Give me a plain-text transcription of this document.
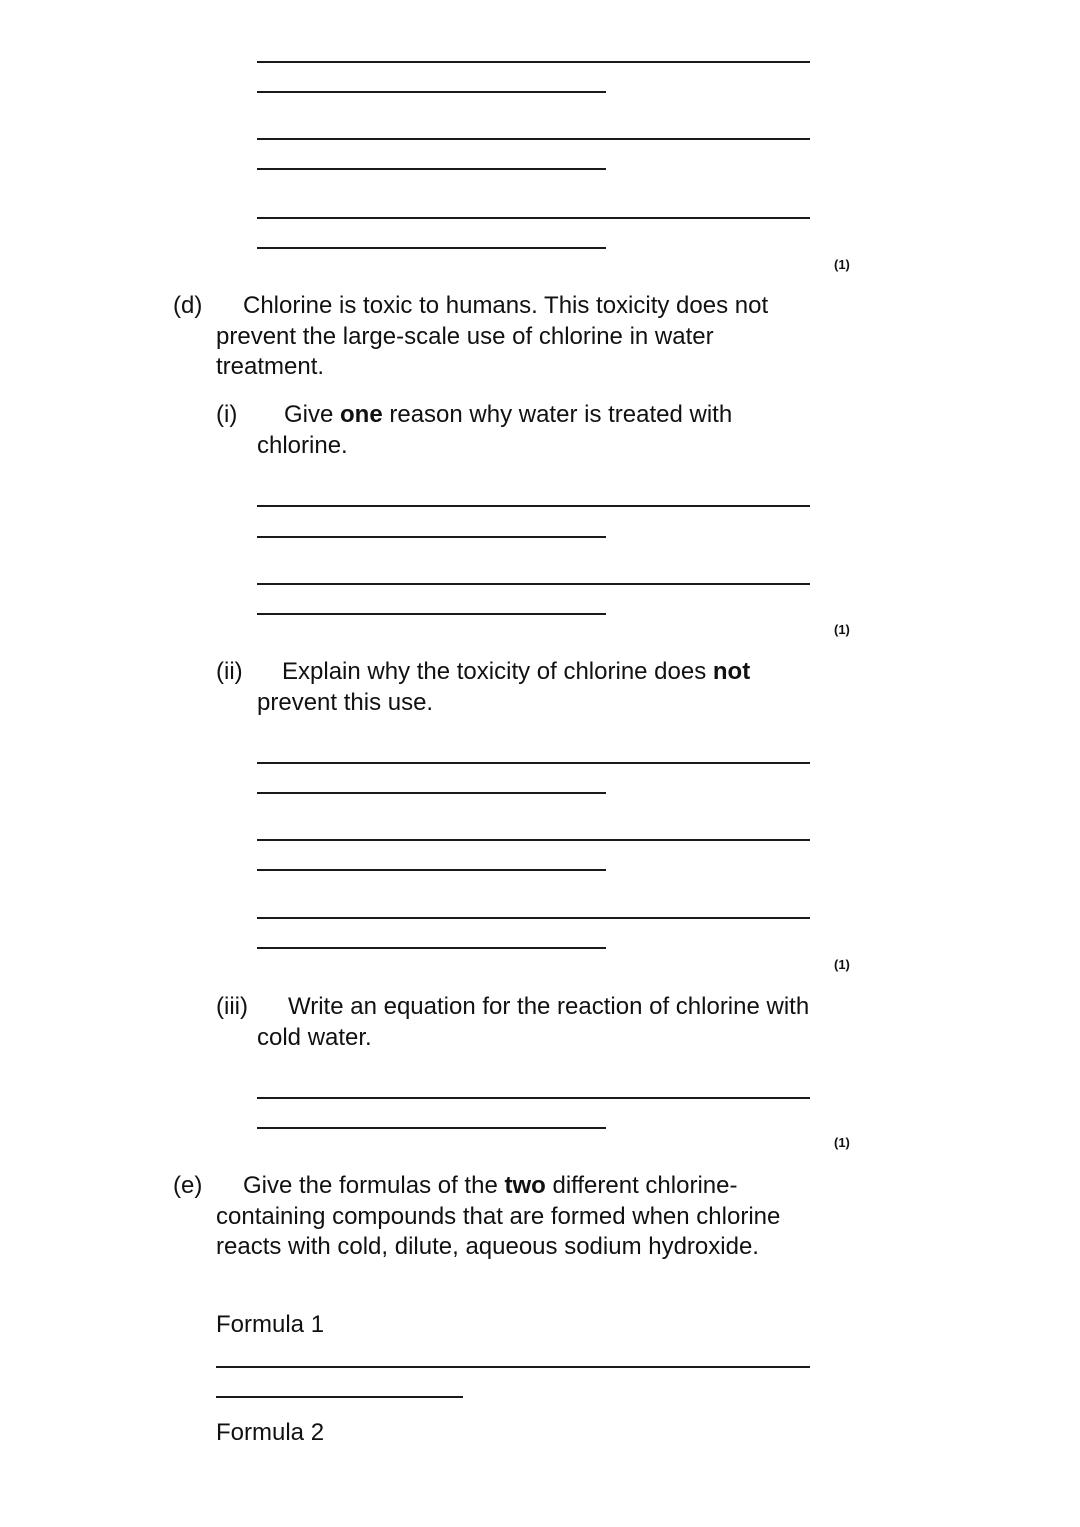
(1)

(d) Chlorine is toxic to humans. This toxicity does not prevent the large-scale use of chlorine in water treatment.

(i) Give one reason why water is treated with chlorine.

(1)

(ii) Explain why the toxicity of chlorine does not prevent this use.

(1)

(iii) Write an equation for the reaction of chlorine with cold water.

(1)

(e) Give the formulas of the two different chlorine-containing compounds that are formed when chlorine reacts with cold, dilute, aqueous sodium hydroxide.

Formula 1
Formula 2
